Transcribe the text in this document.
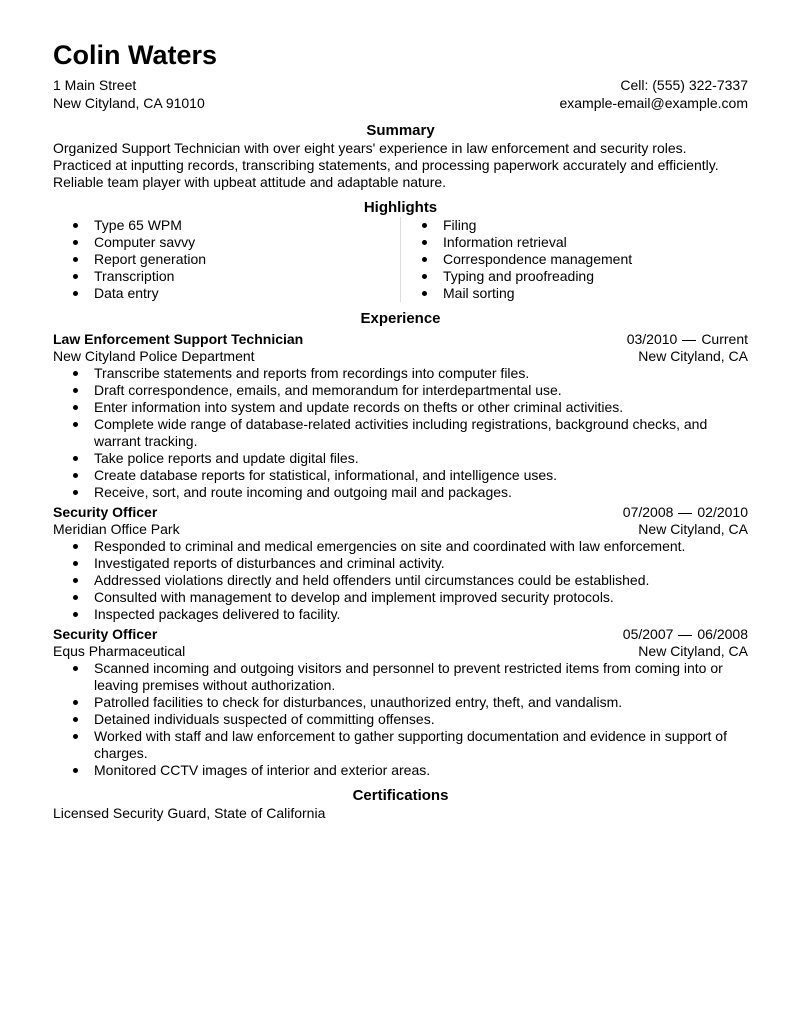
Colin Waters
1 Main Street
New Cityland, CA 91010
Cell: (555) 322-7337
example-email@example.com
Summary

Organized Support Technician with over eight years' experience in law enforcement and security roles. Practiced at inputting records, transcribing statements, and processing paperwork accurately and efficiently. Reliable team player with upbeat attitude and adaptable nature.

Highlights
Type 65 WPM
Computer savvy
Report generation
Transcription
Data entry
Filing
Information retrieval
Correspondence management
Typing and proofreading
Mail sorting
Experience
Law Enforcement Support Technician	03/2010 Current
New Cityland Police Department	New Cityland, CA
Transcribe statements and reports from recordings into computer files.
Draft correspondence, emails, and memorandum for interdepartmental use.
Enter information into system and update records on thefts or other criminal activities.
Complete wide range of database-related activities including registrations, background checks, and warrant tracking.
Take police reports and update digital files.
Create database reports for statistical, informational, and intelligence uses.
Receive, sort, and route incoming and outgoing mail and packages.
Security Officer	07/2008 02/2010
Meridian Office Park	New Cityland, CA
Responded to criminal and medical emergencies on site and coordinated with law enforcement.
Investigated reports of disturbances and criminal activity.
Addressed violations directly and held offenders until circumstances could be established.
Consulted with management to develop and implement improved security protocols.
Inspected packages delivered to facility.
Security Officer	05/2007 06/2008
Equs Pharmaceutical	New Cityland, CA
Scanned incoming and outgoing visitors and personnel to prevent restricted items from coming into or leaving premises without authorization.
Patrolled facilities to check for disturbances, unauthorized entry, theft, and vandalism.
Detained individuals suspected of committing offenses.
Worked with staff and law enforcement to gather supporting documentation and evidence in support of charges.
Monitored CCTV images of interior and exterior areas.
Certifications

Licensed Security Guard, State of California
